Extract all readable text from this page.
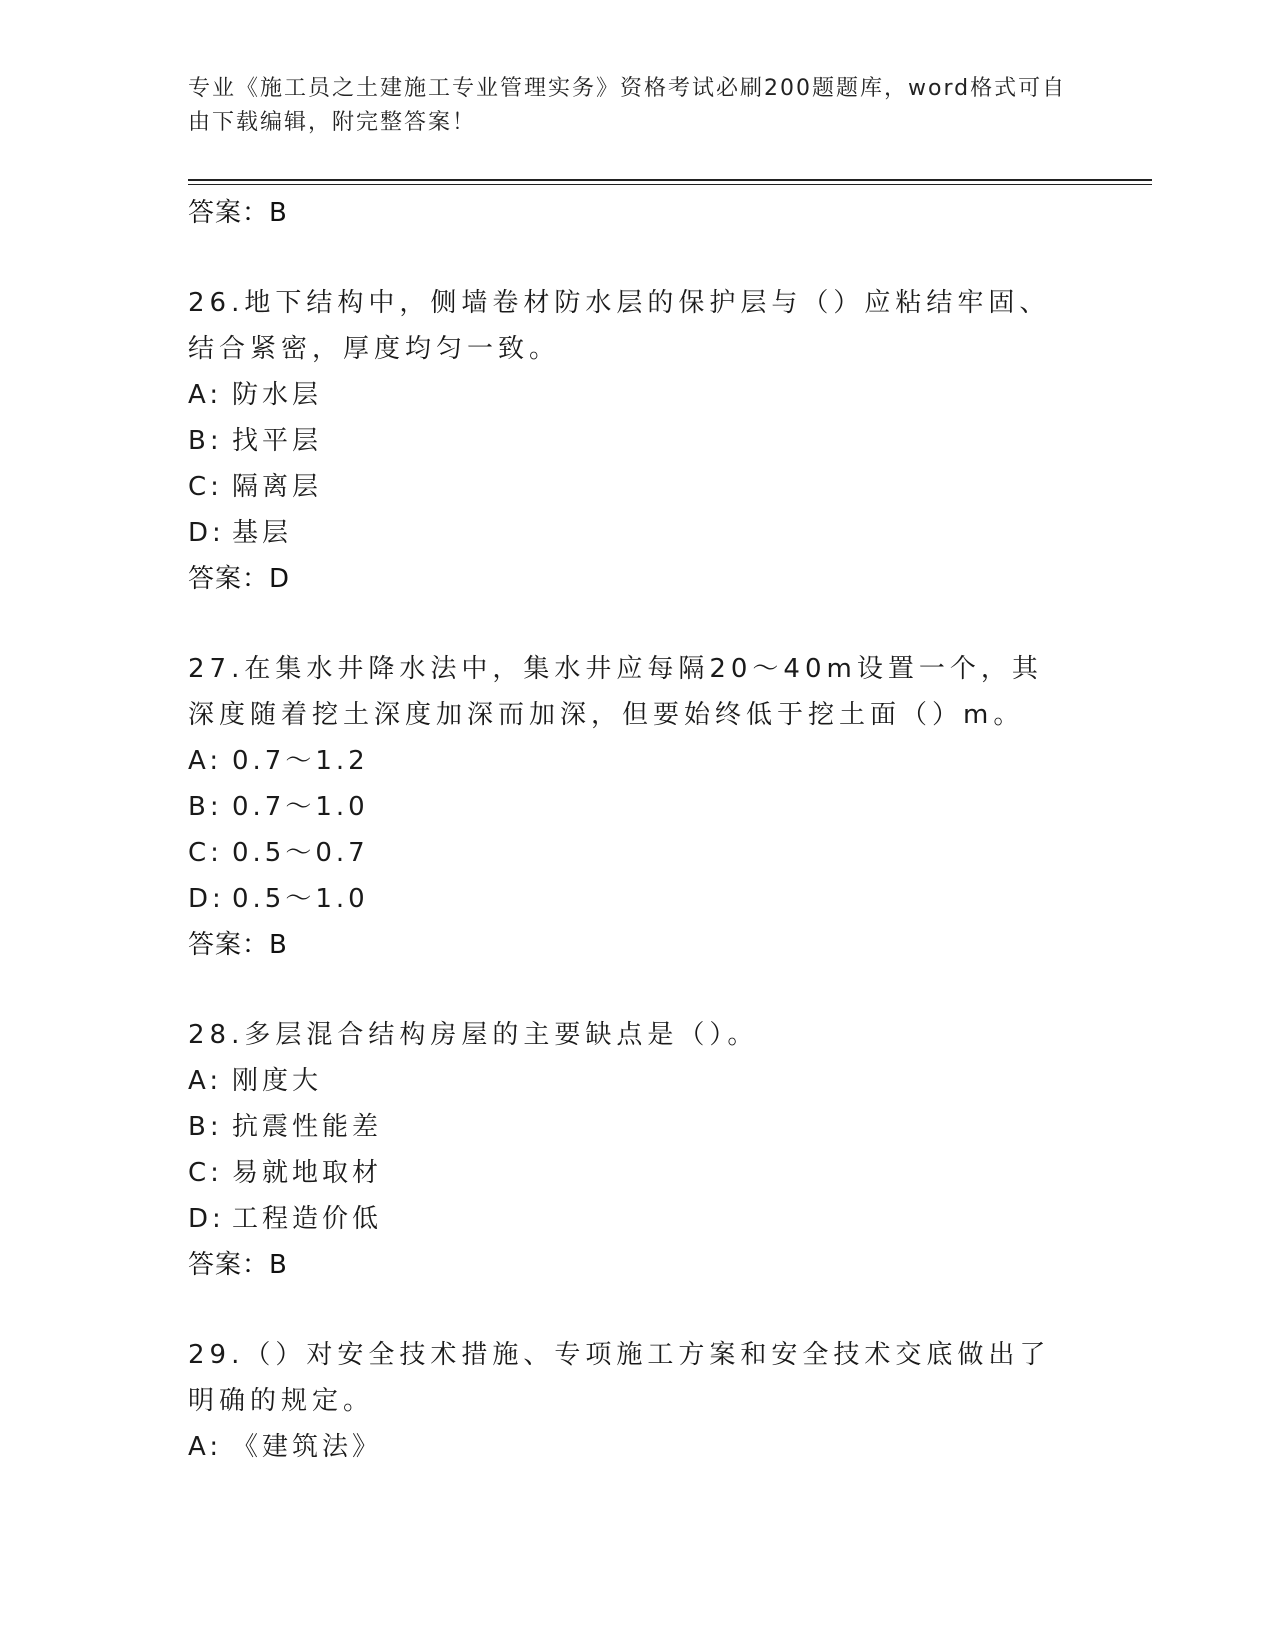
专业《施工员之土建施工专业管理实务》资格考试必刷200题题库，word格式可自由下载编辑，附完整答案！
答案：B

26.地下结构中，侧墙卷材防水层的保护层与（）应粘结牢固、结合紧密，厚度均匀一致。

A: 防水层
B: 找平层
C: 隔离层
D: 基层
答案：D

27.在集水井降水法中，集水井应每隔20～40m设置一个，其深度随着挖土深度加深而加深，但要始终低于挖土面（）m。

A: 0.7～1.2
B: 0.7～1.0
C: 0.5～0.7
D: 0.5～1.0
答案：B

28.多层混合结构房屋的主要缺点是（）。

A: 刚度大
B: 抗震性能差
C: 易就地取材
D: 工程造价低
答案：B

29.（）对安全技术措施、专项施工方案和安全技术交底做出了明确的规定。

A: 《建筑法》
